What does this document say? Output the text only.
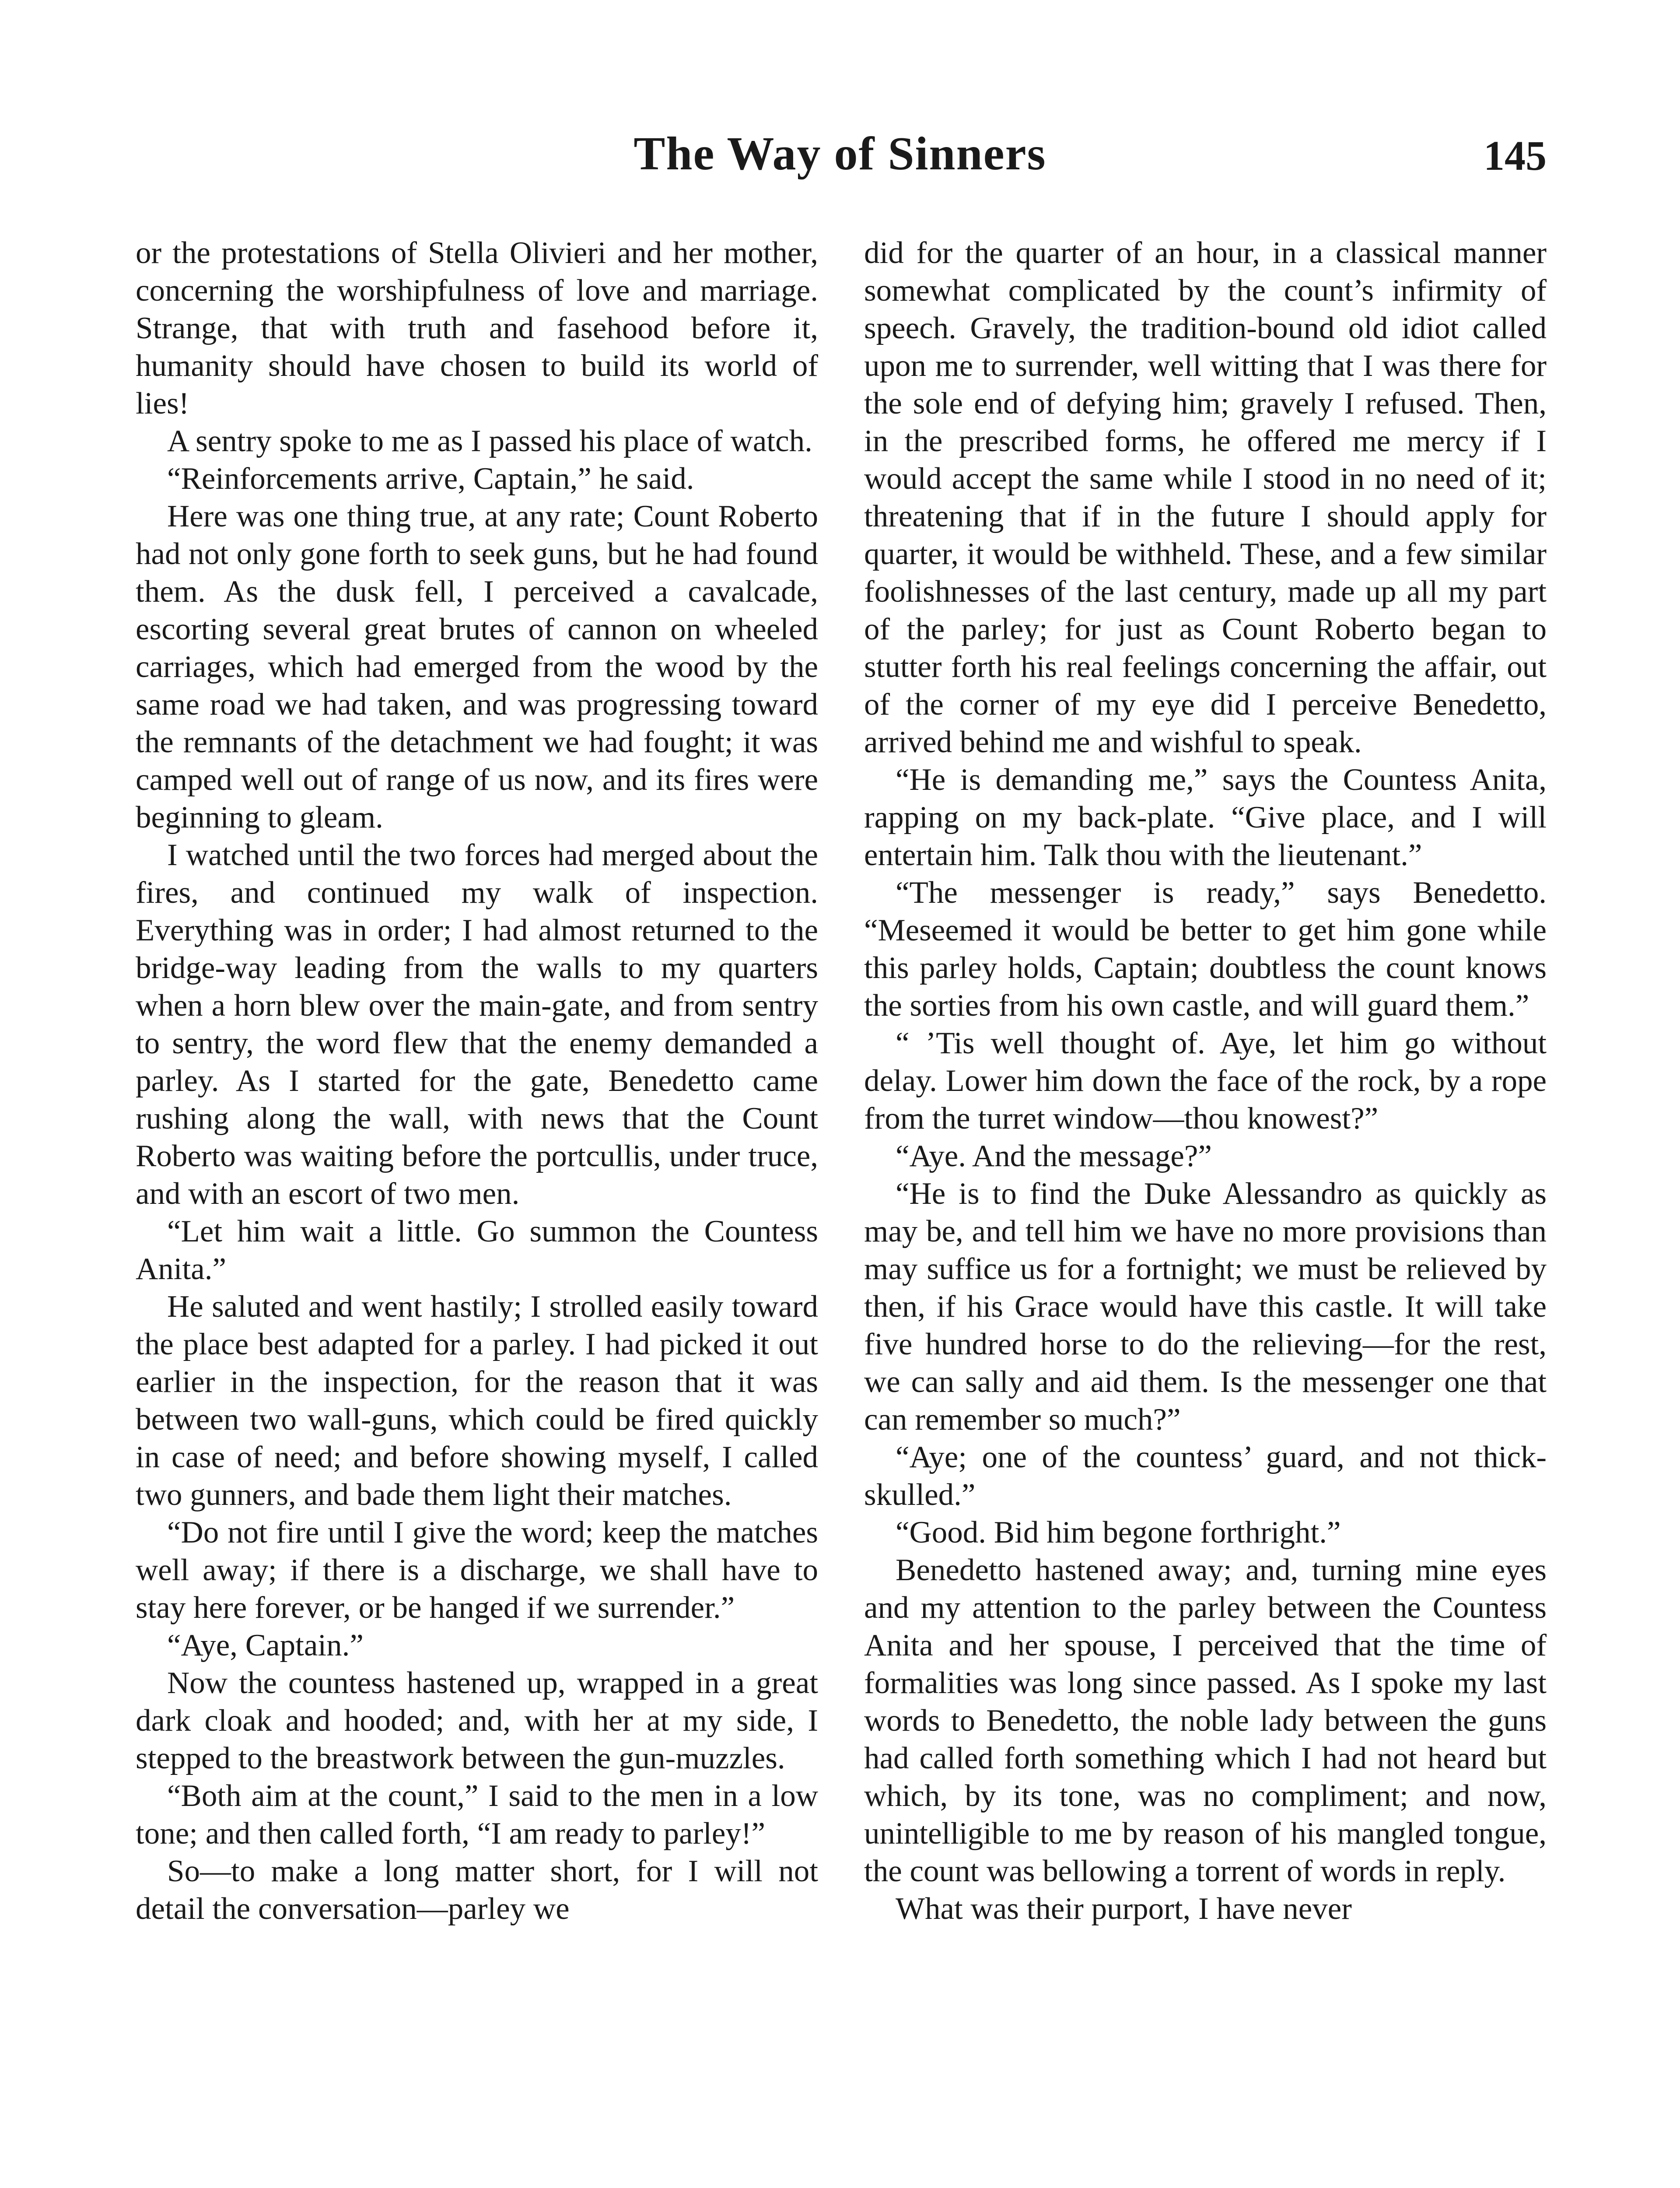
The Way of Sinners	145

or the protestations of Stella Olivieri and her mother, concerning the worshipfulness of love and marriage. Strange, that with truth and fasehood before it, humanity should have chosen to build its world of lies!

A sentry spoke to me as I passed his place of watch.

“Reinforcements arrive, Captain,” he said.

Here was one thing true, at any rate; Count Roberto had not only gone forth to seek guns, but he had found them. As the dusk fell, I perceived a cavalcade, escorting several great brutes of cannon on wheeled carriages, which had emerged from the wood by the same road we had taken, and was progressing toward the remnants of the detachment we had fought; it was camped well out of range of us now, and its fires were beginning to gleam.

I watched until the two forces had merged about the fires, and continued my walk of inspection. Everything was in order; I had almost returned to the bridge-way leading from the walls to my quarters when a horn blew over the main-gate, and from sentry to sentry, the word flew that the enemy demanded a parley. As I started for the gate, Benedetto came rushing along the wall, with news that the Count Roberto was waiting before the portcullis, under truce, and with an escort of two men.

“Let him wait a little. Go summon the Countess Anita.”

He saluted and went hastily; I strolled easily toward the place best adapted for a parley. I had picked it out earlier in the inspection, for the reason that it was between two wall-guns, which could be fired quickly in case of need; and before showing myself, I called two gunners, and bade them light their matches.

“Do not fire until I give the word; keep the matches well away; if there is a discharge, we shall have to stay here forever, or be hanged if we surrender.”

“Aye, Captain.”

Now the countess hastened up, wrapped in a great dark cloak and hooded; and, with her at my side, I stepped to the breastwork between the gun-muzzles.

“Both aim at the count,” I said to the men in a low tone; and then called forth, “I am ready to parley!”

So—to make a long matter short, for I will not detail the conversation—parley we

did for the quarter of an hour, in a classical manner somewhat complicated by the count’s infirmity of speech. Gravely, the tradition-bound old idiot called upon me to surrender, well witting that I was there for the sole end of defying him; gravely I refused. Then, in the prescribed forms, he offered me mercy if I would accept the same while I stood in no need of it; threatening that if in the future I should apply for quarter, it would be withheld. These, and a few similar foolishnesses of the last century, made up all my part of the parley; for just as Count Roberto began to stutter forth his real feelings concerning the affair, out of the corner of my eye did I perceive Benedetto, arrived behind me and wishful to speak.

“He is demanding me,” says the Countess Anita, rapping on my back-plate. “Give place, and I will entertain him. Talk thou with the lieutenant.”

“The messenger is ready,” says Benedetto. “Meseemed it would be better to get him gone while this parley holds, Captain; doubtless the count knows the sorties from his own castle, and will guard them.”

“ ’Tis well thought of. Aye, let him go without delay. Lower him down the face of the rock, by a rope from the turret window—thou knowest?”

“Aye. And the message?”

“He is to find the Duke Alessandro as quickly as may be, and tell him we have no more provisions than may suffice us for a fortnight; we must be relieved by then, if his Grace would have this castle. It will take five hundred horse to do the relieving—for the rest, we can sally and aid them. Is the messenger one that can remember so much?”

“Aye; one of the countess’ guard, and not thick-skulled.”

“Good. Bid him begone forthright.”

Benedetto hastened away; and, turning mine eyes and my attention to the parley between the Countess Anita and her spouse, I perceived that the time of formalities was long since passed. As I spoke my last words to Benedetto, the noble lady between the guns had called forth something which I had not heard but which, by its tone, was no compliment; and now, unintelligible to me by reason of his mangled tongue, the count was bellowing a torrent of words in reply.

What was their purport, I have never
